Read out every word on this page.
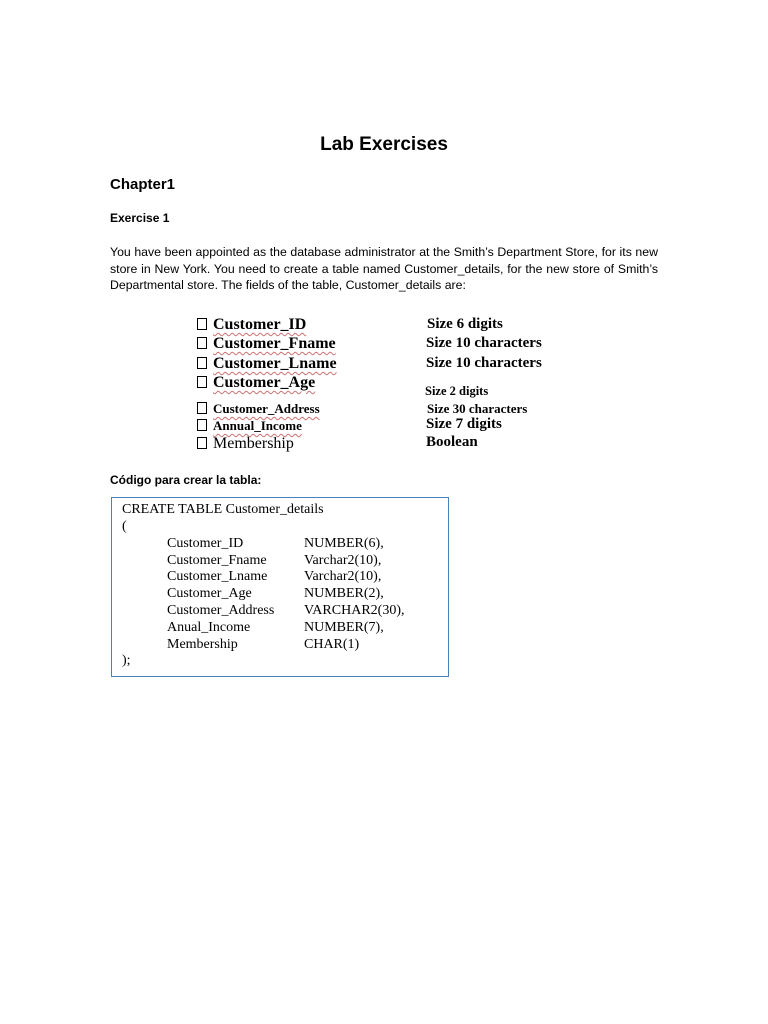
Lab Exercises
Chapter1
Exercise 1
You have been appointed as the database administrator at the Smith’s Department Store, for its new store in New York. You need to create a table named Customer_details, for the new store of Smith’s Departmental store. The fields of the table, Customer_details are:
Customer_ID	Size 6 digits
Customer_Fname	Size 10 characters
Customer_Lname	Size 10 characters
Customer_Age	Size 2 digits
Customer_Address	Size 30 characters
Annual_Income	Size 7 digits
Membership	Boolean
Código para crear la tabla:
CREATE TABLE Customer_details
(
Customer_ID	NUMBER(6),
Customer_Fname	Varchar2(10),
Customer_Lname	Varchar2(10),
Customer_Age	NUMBER(2),
Customer_Address VARCHAR2(30),
Anual_Income	NUMBER(7),
Membership	CHAR(1)
);
